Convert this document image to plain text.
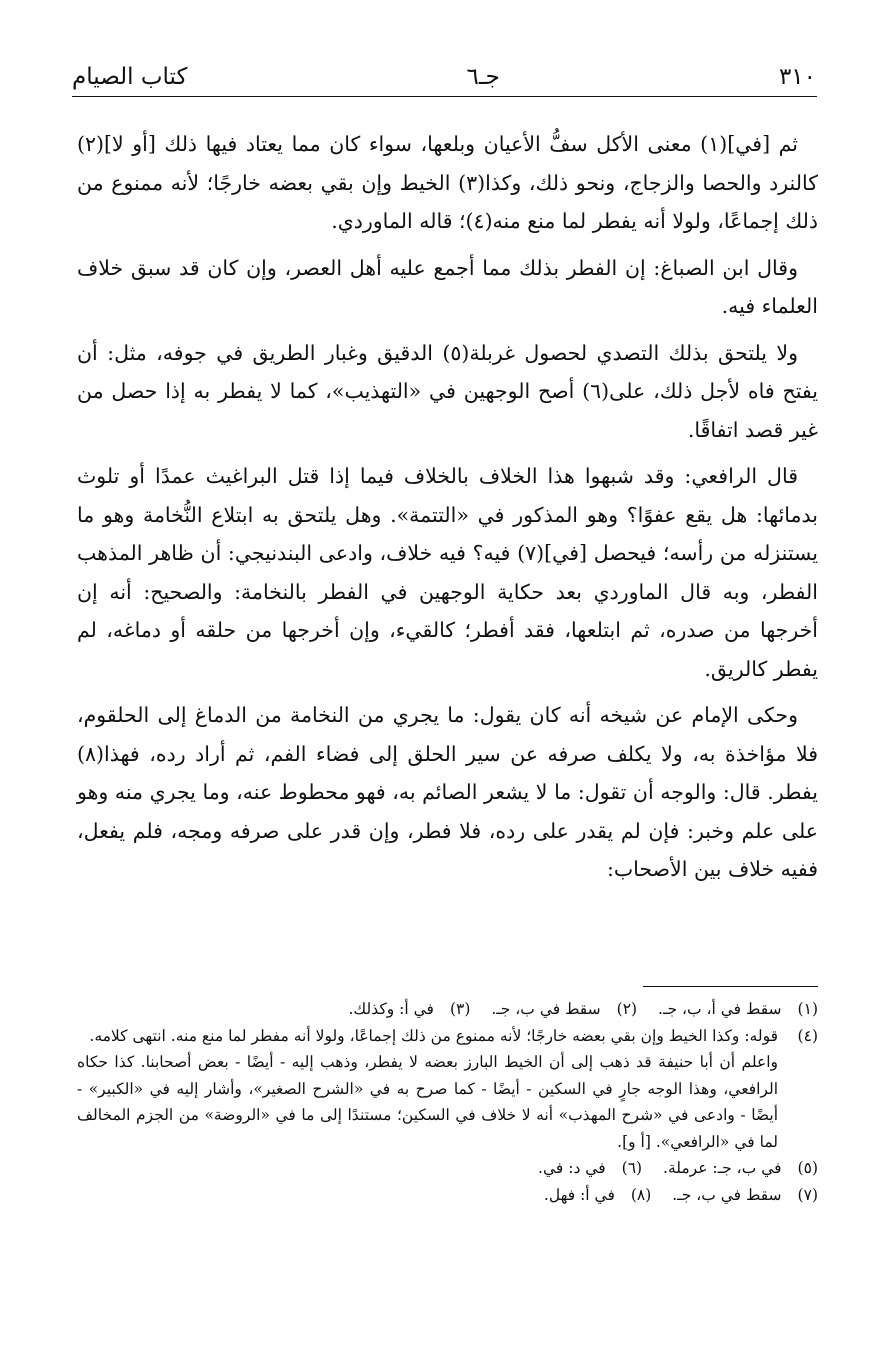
٣١٠
جـ٦
كتاب الصيام

ثم [في](١) معنى الأكل سفُّ الأعيان وبلعها، سواء كان مما يعتاد فيها ذلك [أو لا](٢) كالنرد والحصا والزجاج، ونحو ذلك، وكذا(٣) الخيط وإن بقي بعضه خارجًا؛ لأنه ممنوع من ذلك إجماعًا، ولولا أنه يفطر لما منع منه(٤)؛ قاله الماوردي.

وقال ابن الصباغ: إن الفطر بذلك مما أجمع عليه أهل العصر، وإن كان قد سبق خلاف العلماء فيه.

ولا يلتحق بذلك التصدي لحصول غربلة(٥) الدقيق وغبار الطريق في جوفه، مثل: أن يفتح فاه لأجل ذلك، على(٦) أصح الوجهين في «التهذيب»، كما لا يفطر به إذا حصل من غير قصد اتفاقًا.

قال الرافعي: وقد شبهوا هذا الخلاف بالخلاف فيما إذا قتل البراغيث عمدًا أو تلوث بدمائها: هل يقع عفوًا؟ وهو المذكور في «التتمة». وهل يلتحق به ابتلاع النُّخامة وهو ما يستنزله من رأسه؛ فيحصل [في](٧) فيه؟ فيه خلاف، وادعى البندنيجي: أن ظاهر المذهب الفطر، وبه قال الماوردي بعد حكاية الوجهين في الفطر بالنخامة: والصحيح: أنه إن أخرجها من صدره، ثم ابتلعها، فقد أفطر؛ كالقيء، وإن أخرجها من حلقه أو دماغه، لم يفطر كالريق.

وحكى الإمام عن شيخه أنه كان يقول: ما يجري من النخامة من الدماغ إلى الحلقوم، فلا مؤاخذة به، ولا يكلف صرفه عن سير الحلق إلى فضاء الفم، ثم أراد رده، فهذا(٨) يفطر. قال: والوجه أن تقول: ما لا يشعر الصائم به، فهو محطوط عنه، وما يجري منه وهو على علم وخبر: فإن لم يقدر على رده، فلا فطر، وإن قدر على صرفه ومجه، فلم يفعل، ففيه خلاف بين الأصحاب:

(١)سقط في أ، ب، جـ. (٢)سقط في ب، جـ. (٣)في أ: وكذلك.
(٤)
قوله: وكذا الخيط وإن بقي بعضه خارجًا؛ لأنه ممنوع من ذلك إجماعًا، ولولا أنه مفطر لما منع منه. انتهى كلامه.
واعلم أن أبا حنيفة قد ذهب إلى أن الخيط البارز بعضه لا يفطر، وذهب إليه - أيضًا - بعض أصحابنا. كذا حكاه الرافعي، وهذا الوجه جارٍ في السكين - أيضًا - كما صرح به في «الشرح الصغير»، وأشار إليه في «الكبير» - أيضًا - وادعى في «شرح المهذب» أنه لا خلاف في السكين؛ مستندًا إلى ما في «الروضة» من الجزم المخالف لما في «الرافعي». [أ و].
(٥)في ب، جـ: عرملة. (٦)في د: في.
(٧)سقط في ب، جـ. (٨)في أ: فهل.
